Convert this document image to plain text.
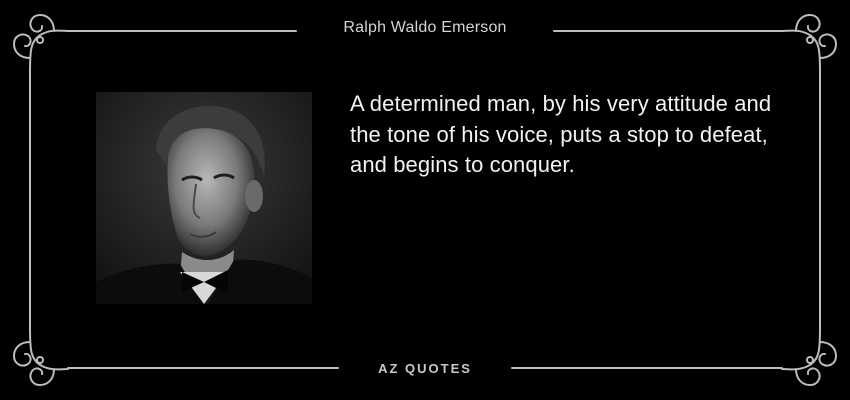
Ralph Waldo Emerson
A determined man, by his very attitude and the tone of his voice, puts a stop to defeat, and begins to conquer.
AZ QUOTES
